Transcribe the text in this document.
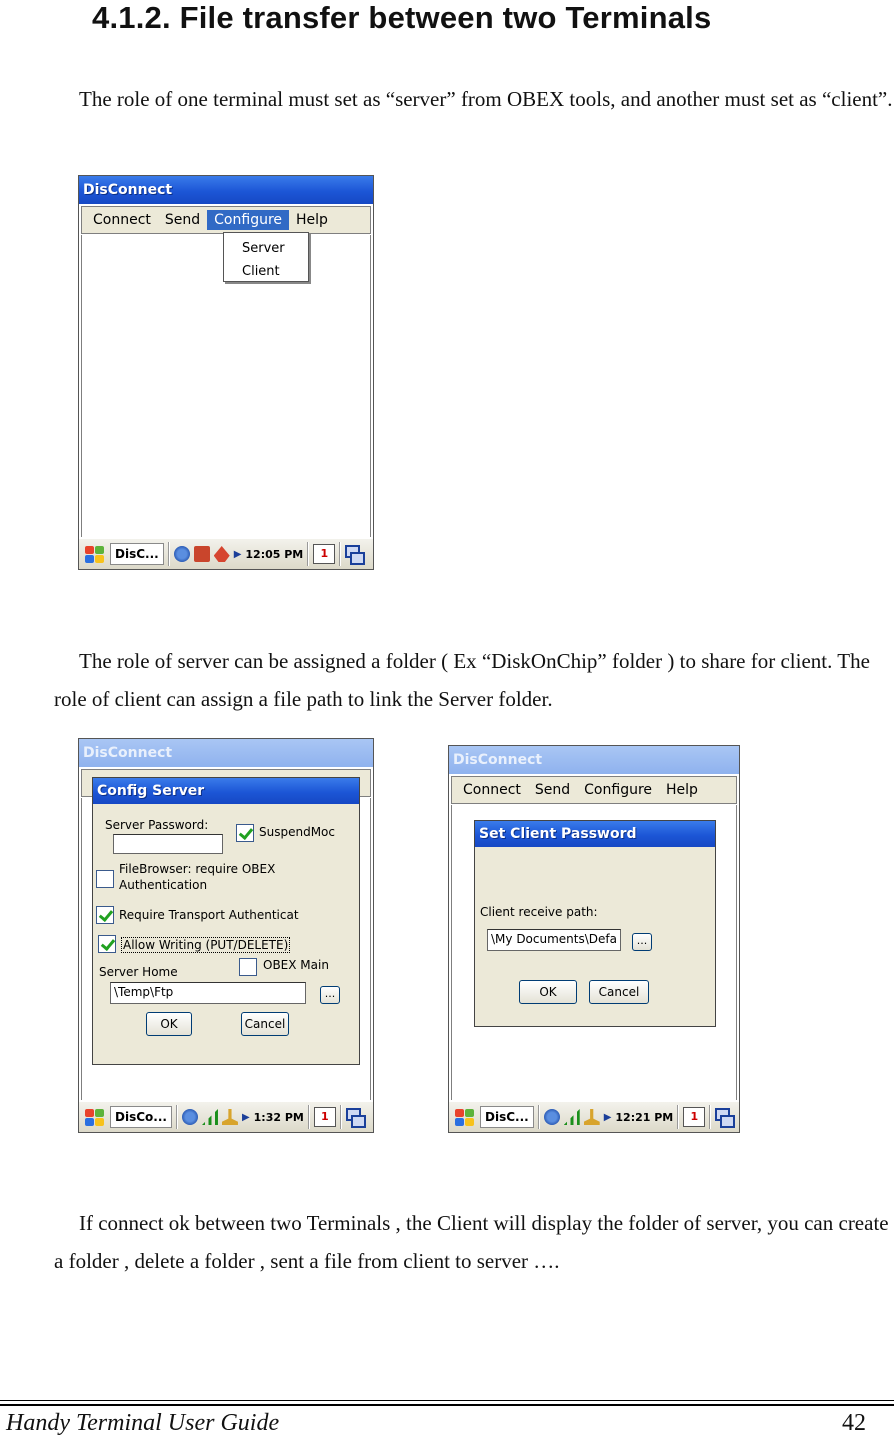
4.1.2. File transfer between two Terminals

The role of one terminal must set as “server” from OBEX tools, and another must set as “client”.

DisConnect
Connect	Send	Configure	Help
Server
Client
DisC...	▶ 12:05 PM	1

The role of server can be assigned a folder ( Ex “DiskOnChip” folder ) to share for client. The role of client can assign a file path to link the Server folder.

DisConnect
Config Server
Server Password:	SuspendMoc
FileBrowser: require OBEX
Authentication
Require Transport Authenticat
Allow Writing (PUT/DELETE)
Server Home	OBEX Main
\Temp\Ftp	...
OK	Cancel
DisCo...	▶ 1:32 PM	1
DisConnect
Connect	Send	Configure	Help
Set Client Password
Client receive path:
\My Documents\Defa	...
OK	Cancel
DisC...	▶ 12:21 PM	1

If connect ok between two Terminals , the Client will display the folder of server, you can create a folder , delete a folder , sent a file from client to server ….

Handy Terminal User Guide	42
